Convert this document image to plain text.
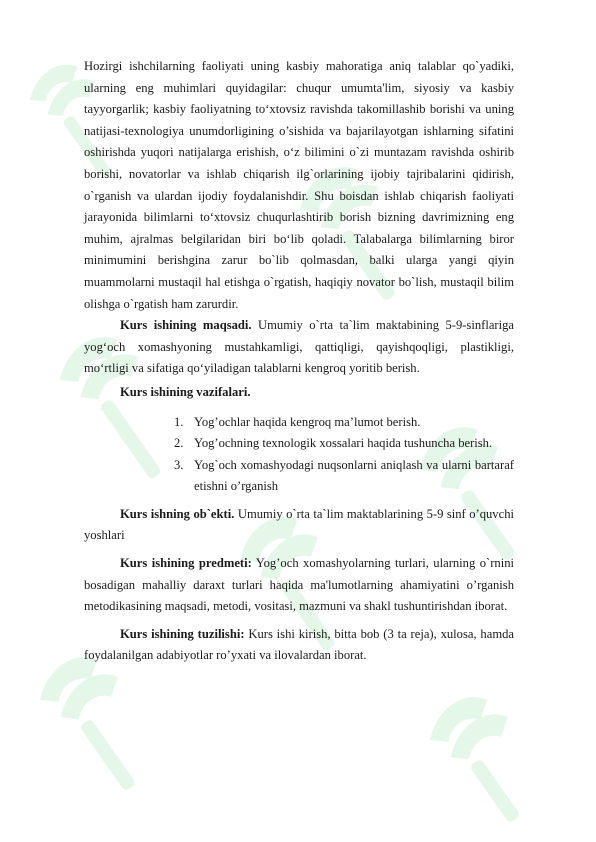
Hozirgi ishchilarning faoliyati uning kasbiy mahoratiga aniq talablar qo`yadiki, ularning eng muhimlari quyidagilar: chuqur umumta'lim, siyosiy va kasbiy tayyorgarlik; kasbiy faoliyatning to‘xtovsiz ravishda takomillashib borishi va uning natijasi-texnologiya unumdorligining o’sishida va bajarilayotgan ishlarning sifatini oshirishda yuqori natijalarga erishish, o‘z bilimini o`zi muntazam ravishda oshirib borishi, novatorlar va ishlab chiqarish ilg`orlarining ijobiy tajribalarini qidirish, o`rganish va ulardan ijodiy foydalanishdir. Shu boisdan ishlab chiqarish faoliyati jarayonida bilimlarni to‘xtovsiz chuqurlashtirib borish bizning davrimizning eng muhim, ajralmas belgilaridan biri bo‘lib qoladi. Talabalarga bilimlarning biror minimumini berishgina zarur bo`lib qolmasdan, balki ularga yangi qiyin muammolarni mustaqil hal etishga o`rgatish, haqiqiy novator bo`lish, mustaqil bilim olishga o`rgatish ham zarurdir.

Kurs ishining maqsadi. Umumiy o`rta ta`lim maktabining 5-9-sinflariga yog‘och xomashyoning mustahkamligi, qattiqligi, qayishqoqligi, plastikligi, mo‘rtligi va sifatiga qo‘yiladigan talablarni kengroq yoritib berish.

Kurs ishining vazifalari.

1. Yog’ochlar haqida kengroq ma’lumot berish.
2. Yog’ochning texnologik xossalari haqida tushuncha berish.
3. Yog`och xomashyodagi nuqsonlarni aniqlash va ularni bartaraf etishni o’rganish

Kurs ishning ob`ekti. Umumiy o`rta ta`lim maktablarining 5-9 sinf o’quvchi yoshlari

Kurs ishining predmeti: Yog’och xomashyolarning turlari, ularning o`rnini bosadigan mahalliy daraxt turlari haqida ma'lumotlarning ahamiyatini o’rganish metodikasining maqsadi, metodi, vositasi, mazmuni va shakl tushuntirishdan iborat.

Kurs ishining tuzilishi: Kurs ishi kirish, bitta bob (3 ta reja), xulosa, hamda foydalanilgan adabiyotlar ro’yxati va ilovalardan iborat.
